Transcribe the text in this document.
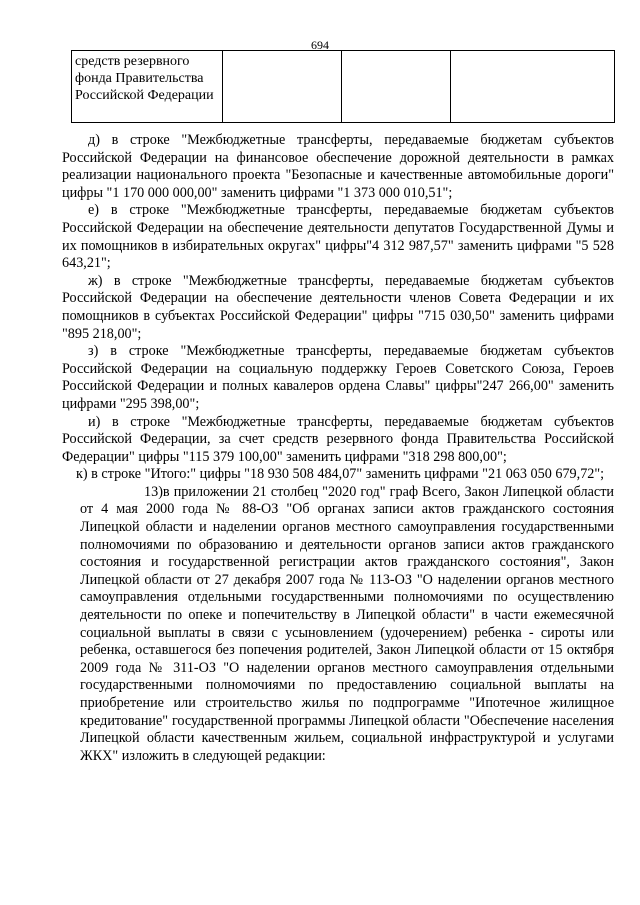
694
средств резервного фонда Правительства Российской Федерации			

д) в строке "Межбюджетные трансферты, передаваемые бюджетам субъектов Российской Федерации на финансовое обеспечение дорожной деятельности в рамках реализации национального проекта "Безопасные и качественные автомобильные дороги" цифры "1 170 000 000,00" заменить цифрами "1 373 000 010,51";

е) в строке "Межбюджетные трансферты, передаваемые бюджетам субъектов Российской Федерации на обеспечение деятельности депутатов Государственной Думы и их помощников в избирательных округах" цифры"4 312 987,57" заменить цифрами "5 528 643,21";

ж) в строке "Межбюджетные трансферты, передаваемые бюджетам субъектов Российской Федерации на обеспечение деятельности членов Совета Федерации и их помощников в субъектах Российской Федерации" цифры "715 030,50" заменить цифрами "895 218,00";

з) в строке "Межбюджетные трансферты, передаваемые бюджетам субъектов Российской Федерации на социальную поддержку Героев Советского Союза, Героев Российской Федерации и полных кавалеров ордена Славы" цифры"247 266,00" заменить цифрами "295 398,00";

и) в строке "Межбюджетные трансферты, передаваемые бюджетам субъектов Российской Федерации, за счет средств резервного фонда Правительства Российской Федерации" цифры "115 379 100,00" заменить цифрами "318 298 800,00";

к) в строке "Итого:" цифры "18 930 508 484,07" заменить цифрами "21 063 050 679,72";

13)в приложении 21 столбец "2020 год" граф Всего, Закон Липецкой области от 4 мая 2000 года № 88-ОЗ "Об органах записи актов гражданского состояния Липецкой области и наделении органов местного самоуправления государственными полномочиями по образованию и деятельности органов записи актов гражданского состояния и государственной регистрации актов гражданского состояния", Закон Липецкой области от 27 декабря 2007 года № 113-ОЗ "О наделении органов местного самоуправления отдельными государственными полномочиями по осуществлению деятельности по опеке и попечительству в Липецкой области" в части ежемесячной социальной выплаты в связи с усыновлением (удочерением) ребенка - сироты или ребенка, оставшегося без попечения родителей, Закон Липецкой области от 15 октября 2009 года № 311-ОЗ "О наделении органов местного самоуправления отдельными государственными полномочиями по предоставлению социальной выплаты на приобретение или строительство жилья по подпрограмме "Ипотечное жилищное кредитование" государственной программы Липецкой области "Обеспечение населения Липецкой области качественным жильем, социальной инфраструктурой и услугами ЖКХ" изложить в следующей редакции:
